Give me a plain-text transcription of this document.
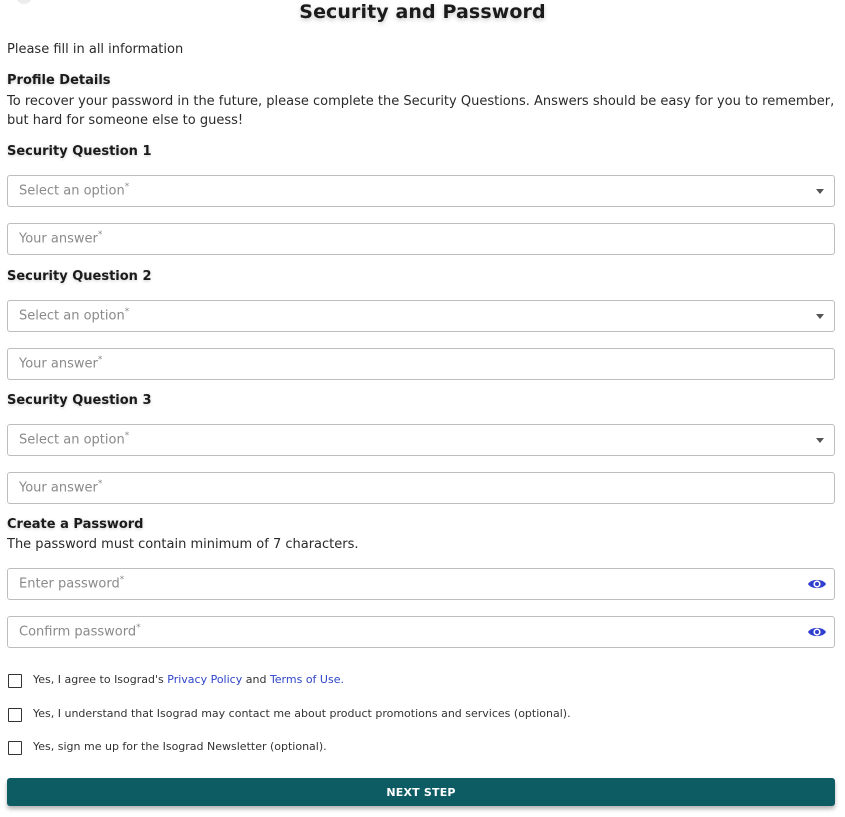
Security and Password
Please fill in all information
Profile Details
To recover your password in the future, please complete the Security Questions. Answers should be easy for you to remember, but hard for someone else to guess!
Security Question 1
Select an option*
Your answer*
Security Question 2
Select an option*
Your answer*
Security Question 3
Select an option*
Your answer*
Create a Password
The password must contain minimum of 7 characters.
Enter password*
Confirm password*
Yes, I agree to Isograd's Privacy Policy and Terms of Use.
Yes, I understand that Isograd may contact me about product promotions and services (optional).
Yes, sign me up for the Isograd Newsletter (optional).
NEXT STEP
